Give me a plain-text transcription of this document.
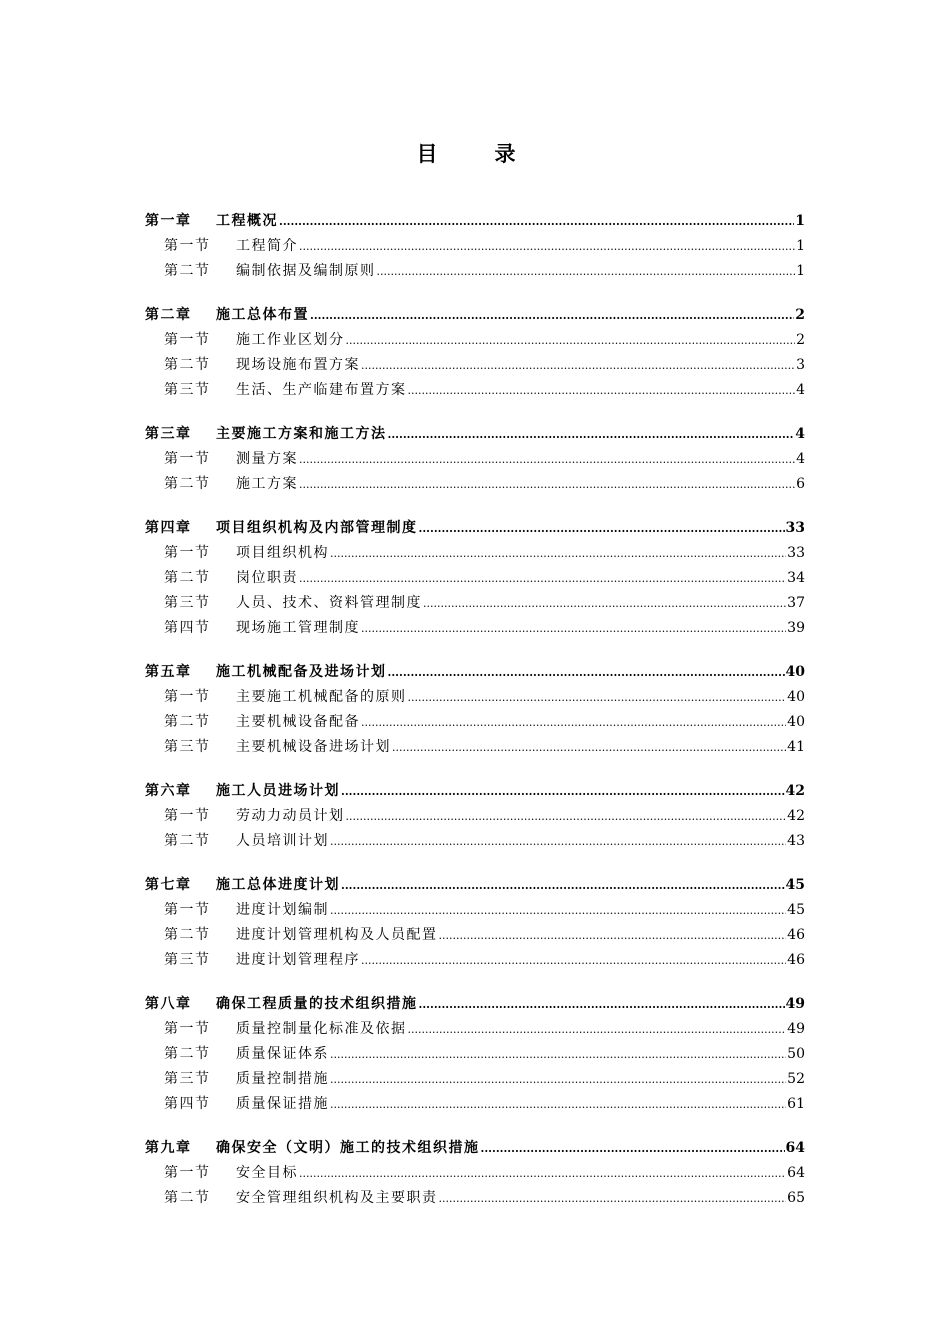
目　录
第一章	工程概况 .....	1
第一节	工程简介 .....	1
第二节	编制依据及编制原则 .....	1
第二章	施工总体布置 .....	2
第一节	施工作业区划分 .....	2
第二节	现场设施布置方案 .....	3
第三节	生活、生产临建布置方案 .....	4
第三章	主要施工方案和施工方法 .....	4
第一节	测量方案 .....	4
第二节	施工方案 .....	6
第四章	项目组织机构及内部管理制度 .....	33
第一节	项目组织机构 .....	33
第二节	岗位职责 .....	34
第三节	人员、技术、资料管理制度 .....	37
第四节	现场施工管理制度 .....	39
第五章	施工机械配备及进场计划 .....	40
第一节	主要施工机械配备的原则 .....	40
第二节	主要机械设备配备 .....	40
第三节	主要机械设备进场计划 .....	41
第六章	施工人员进场计划 .....	42
第一节	劳动力动员计划 .....	42
第二节	人员培训计划 .....	43
第七章	施工总体进度计划 .....	45
第一节	进度计划编制 .....	45
第二节	进度计划管理机构及人员配置 .....	46
第三节	进度计划管理程序 .....	46
第八章	确保工程质量的技术组织措施 .....	49
第一节	质量控制量化标准及依据 .....	49
第二节	质量保证体系 .....	50
第三节	质量控制措施 .....	52
第四节	质量保证措施 .....	61
第九章	确保安全（文明）施工的技术组织措施 .....	64
第一节	安全目标 .....	64
第二节	安全管理组织机构及主要职责 .....	65
